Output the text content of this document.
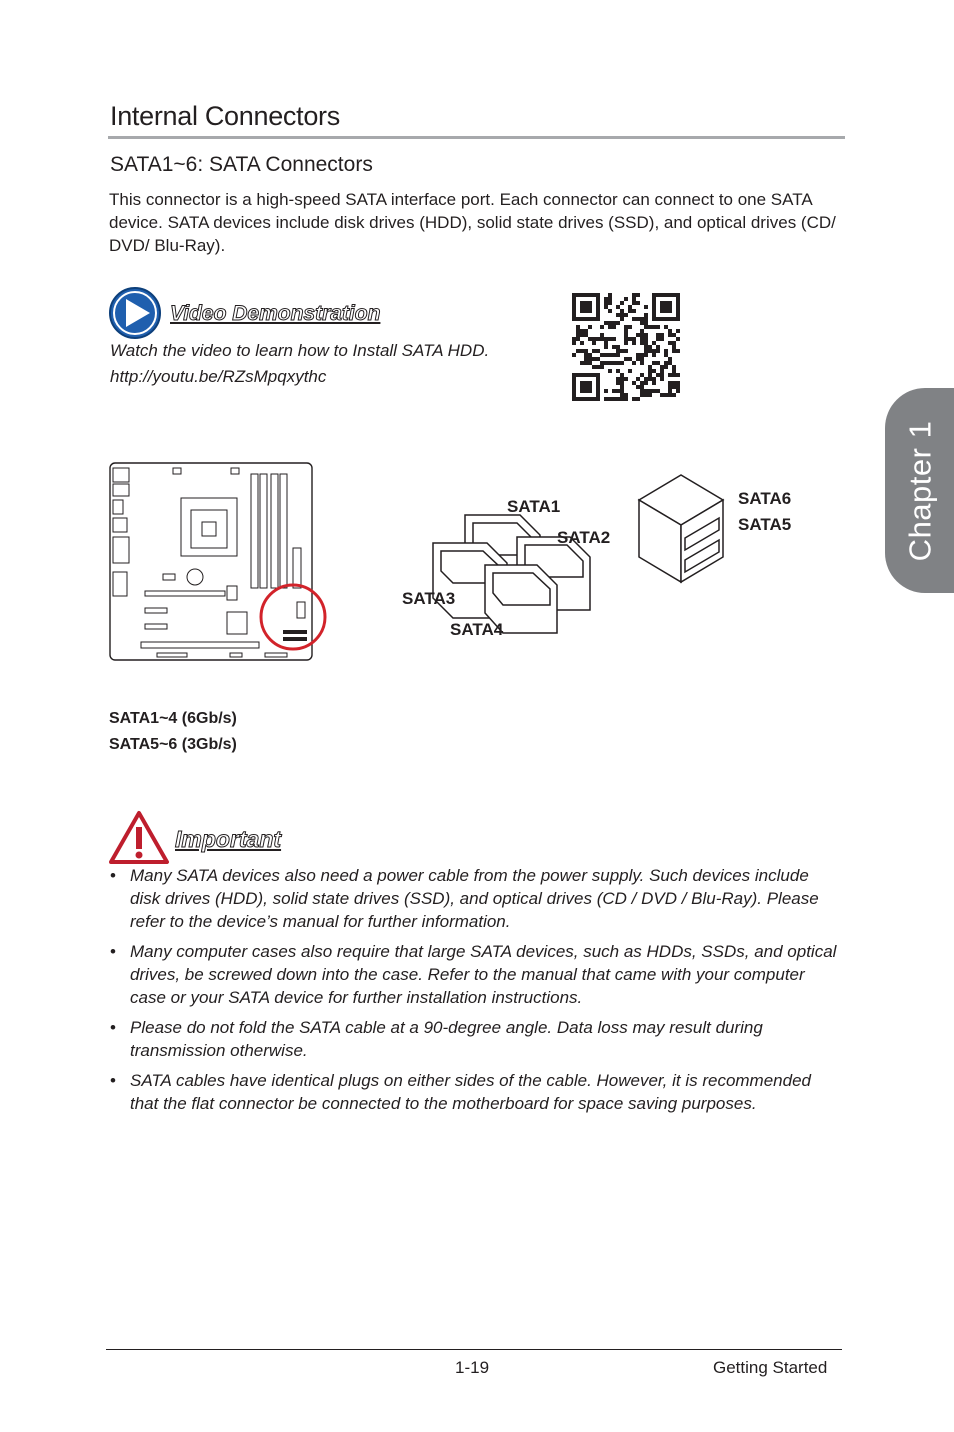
Internal Connectors
SATA1~6: SATA Connectors
This connector is a high-speed SATA interface port. Each connector can connect to one SATA device. SATA devices include disk drives (HDD), solid state drives (SSD), and optical drives (CD/ DVD/ Blu-Ray).
Video Demonstration
Watch the video to learn how to Install SATA HDD.
http://youtu.be/RZsMpqxythc
SATA1
SATA2
SATA3
SATA4
SATA6
SATA5
SATA1~4 (6Gb/s)
SATA5~6 (3Gb/s)
Important
• Many SATA devices also need a power cable from the power supply. Such devices include disk drives (HDD), solid state drives (SSD), and optical drives (CD / DVD / Blu-Ray). Please refer to the device’s manual for further information.
• Many computer cases also require that large SATA devices, such as HDDs, SSDs, and optical drives, be screwed down into the case. Refer to the manual that came with your computer case or your SATA device for further installation instructions.
• Please do not fold the SATA cable at a 90-degree angle. Data loss may result during transmission otherwise.
• SATA cables have identical plugs on either sides of the cable. However, it is recommended that the flat connector be connected to the motherboard for space saving purposes.
1-19	Getting Started
Chapter 1
